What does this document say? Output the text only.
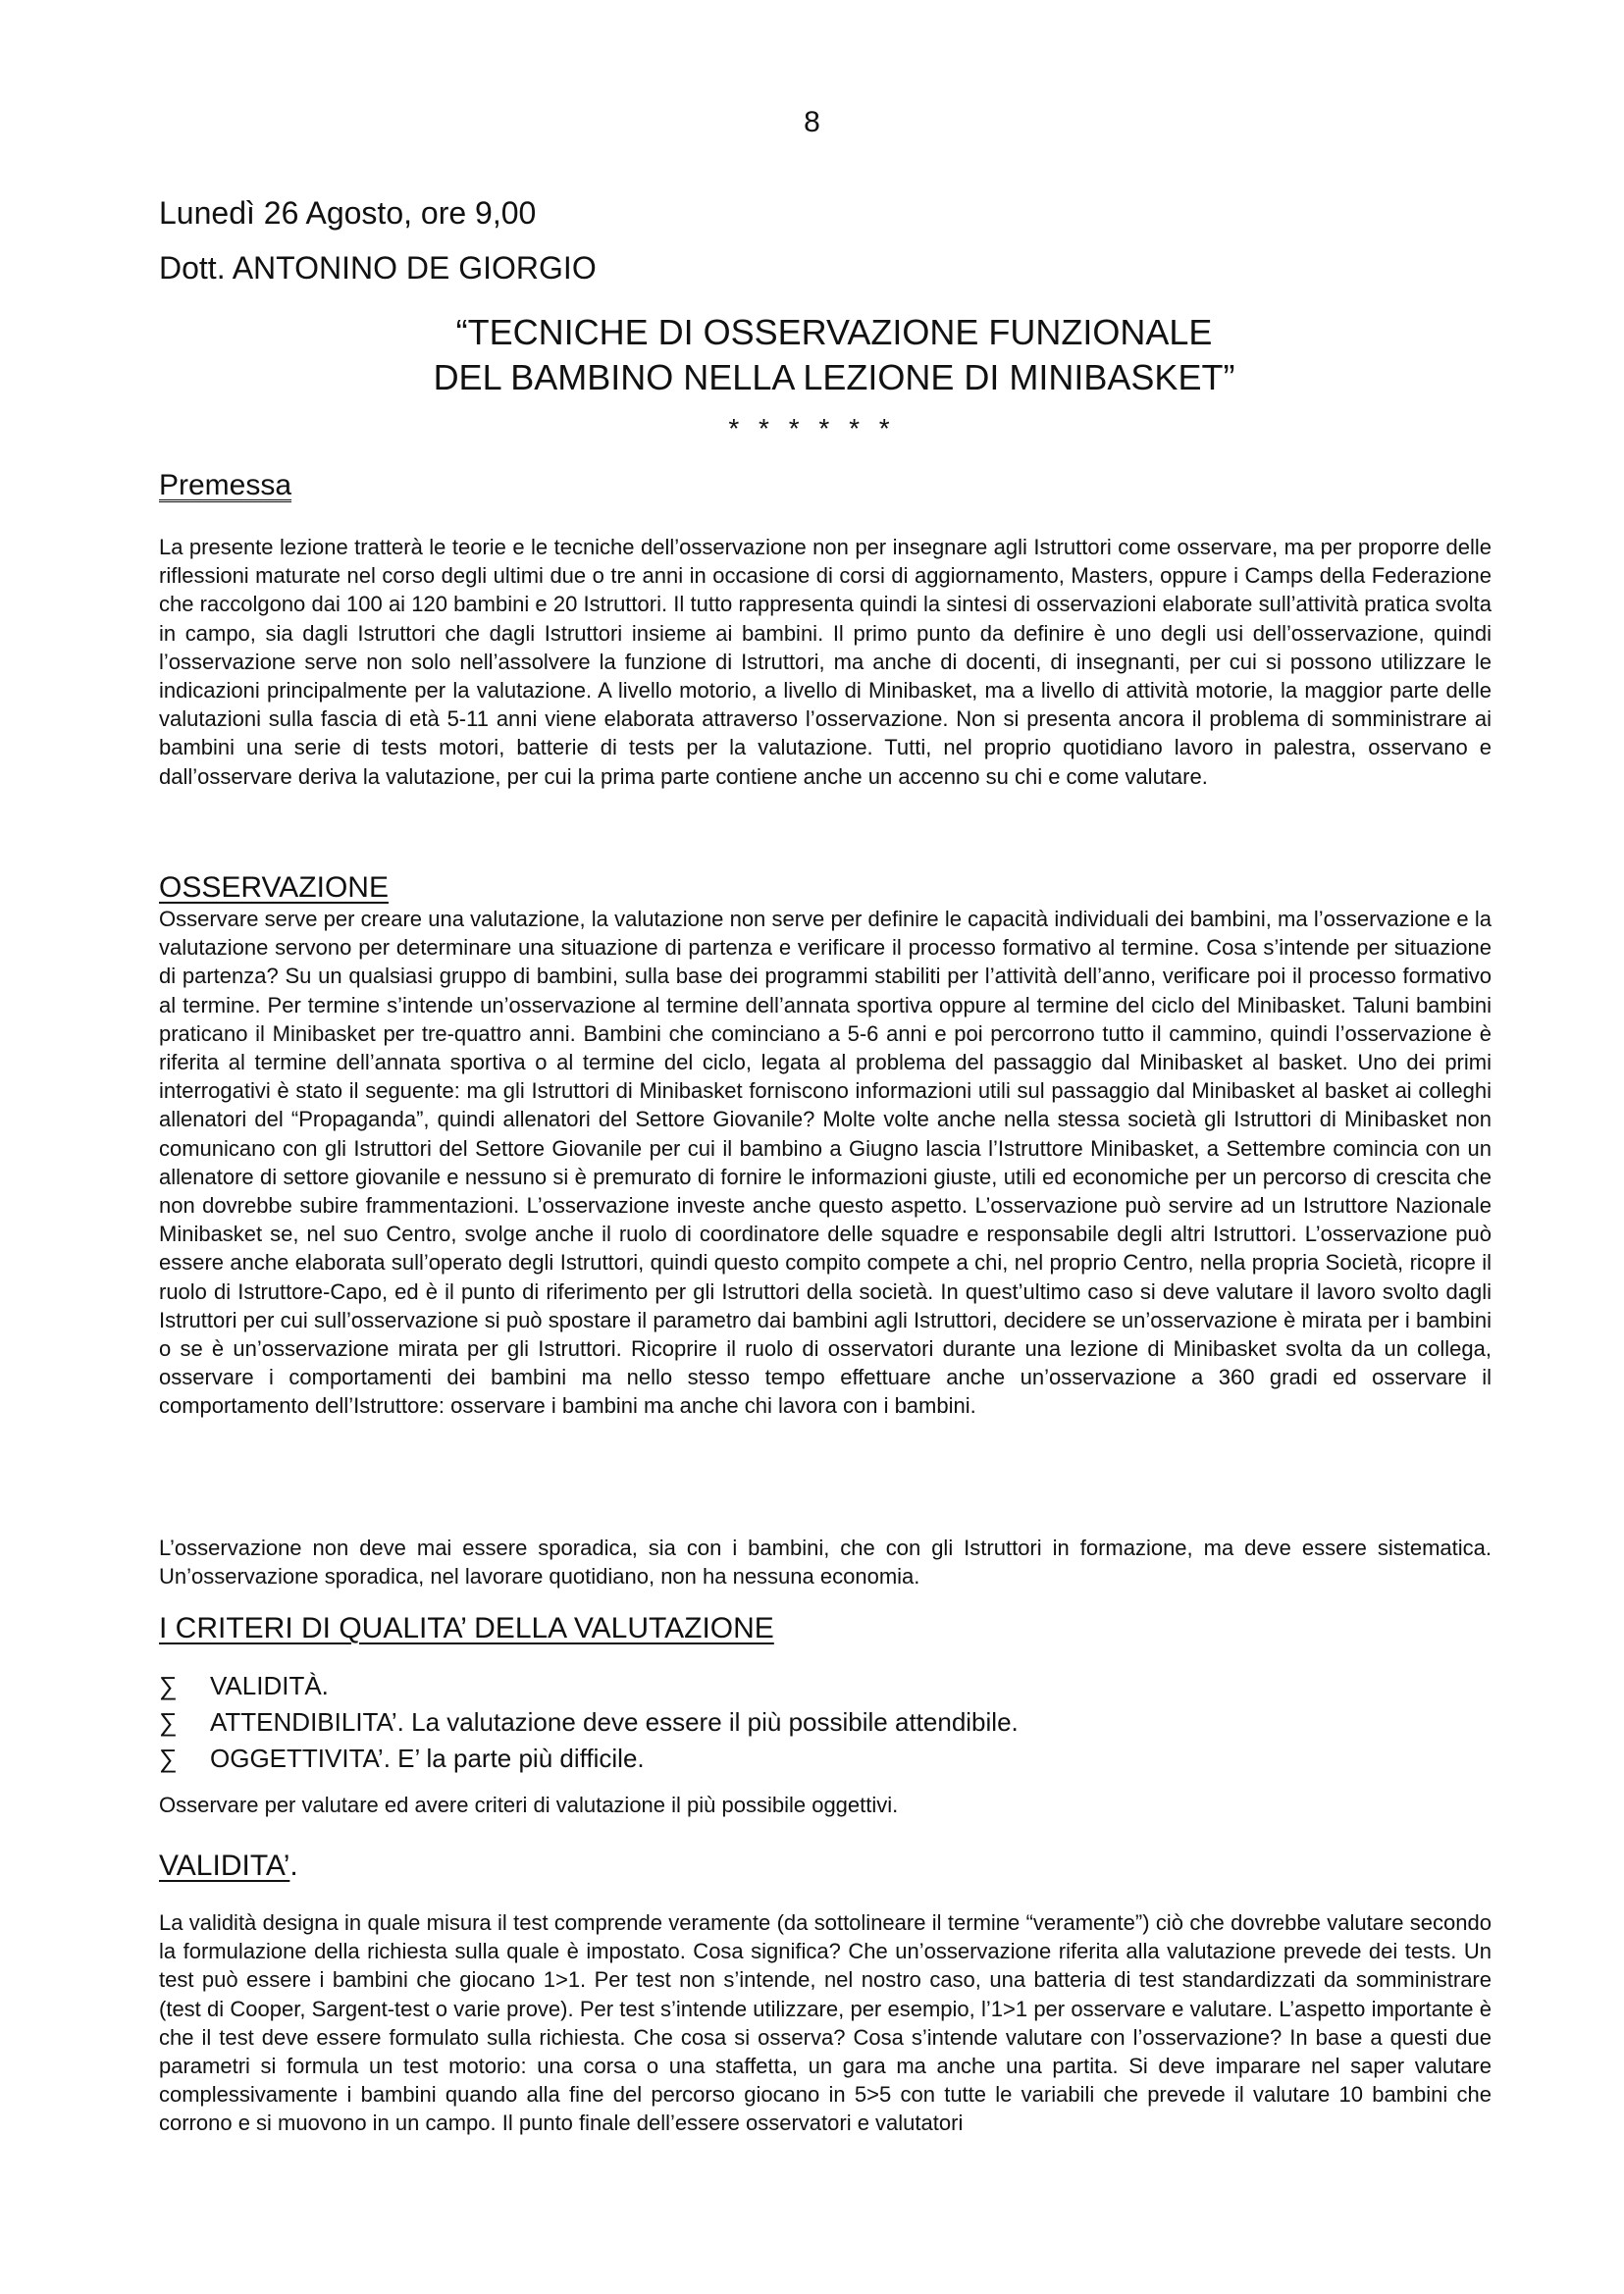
8
Lunedì 26 Agosto, ore 9,00
Dott. ANTONINO DE GIORGIO
“TECNICHE DI OSSERVAZIONE FUNZIONALE
DEL BAMBINO NELLA LEZIONE DI MINIBASKET”
* * * * * *
Premessa

La presente lezione tratterà le teorie e le tecniche dell’osservazione non per insegnare agli Istruttori come osservare, ma per proporre delle riflessioni maturate nel corso degli ultimi due o tre anni in occasione di corsi di aggiornamento, Masters, oppure i Camps della Federazione che raccolgono dai 100 ai 120 bambini e 20 Istruttori. Il tutto rappresenta quindi la sintesi di osservazioni elaborate sull’attività pratica svolta in campo, sia dagli Istruttori che dagli Istruttori insieme ai bambini. Il primo punto da definire è uno degli usi dell’osservazione, quindi l’osservazione serve non solo nell’assolvere la funzione di Istruttori, ma anche di docenti, di insegnanti, per cui si possono utilizzare le indicazioni principalmente per la valutazione. A livello motorio, a livello di Minibasket, ma a livello di attività motorie, la maggior parte delle valutazioni sulla fascia di età 5-11 anni viene elaborata attraverso l’osservazione. Non si presenta ancora il problema di somministrare ai bambini una serie di tests motori, batterie di tests per la valutazione. Tutti, nel proprio quotidiano lavoro in palestra, osservano e dall’osservare deriva la valutazione, per cui la prima parte contiene anche un accenno su chi e come valutare.

OSSERVAZIONE

Osservare serve per creare una valutazione, la valutazione non serve per definire le capacità individuali dei bambini, ma l’osservazione e la valutazione servono per determinare una situazione di partenza e verificare il processo formativo al termine. Cosa s’intende per situazione di partenza? Su un qualsiasi gruppo di bambini, sulla base dei programmi stabiliti per l’attività dell’anno, verificare poi il processo formativo al termine. Per termine s’intende un’osservazione al termine dell’annata sportiva oppure al termine del ciclo del Minibasket. Taluni bambini praticano il Minibasket per tre-quattro anni. Bambini che cominciano a 5-6 anni e poi percorrono tutto il cammino, quindi l’osservazione è riferita al termine dell’annata sportiva o al termine del ciclo, legata al problema del passaggio dal Minibasket al basket. Uno dei primi interrogativi è stato il seguente: ma gli Istruttori di Minibasket forniscono informazioni utili sul passaggio dal Minibasket al basket ai colleghi allenatori del “Propaganda”, quindi allenatori del Settore Giovanile? Molte volte anche nella stessa società gli Istruttori di Minibasket non comunicano con gli Istruttori del Settore Giovanile per cui il bambino a Giugno lascia l’Istruttore Minibasket, a Settembre comincia con un allenatore di settore giovanile e nessuno si è premurato di fornire le informazioni giuste, utili ed economiche per un percorso di crescita che non dovrebbe subire frammentazioni. L’osservazione investe anche questo aspetto. L’osservazione può servire ad un Istruttore Nazionale Minibasket se, nel suo Centro, svolge anche il ruolo di coordinatore delle squadre e responsabile degli altri Istruttori. L’osservazione può essere anche elaborata sull’operato degli Istruttori, quindi questo compito compete a chi, nel proprio Centro, nella propria Società, ricopre il ruolo di Istruttore-Capo, ed è il punto di riferimento per gli Istruttori della società. In quest’ultimo caso si deve valutare il lavoro svolto dagli Istruttori per cui sull’osservazione si può spostare il parametro dai bambini agli Istruttori, decidere se un’osservazione è mirata per i bambini o se è un’osservazione mirata per gli Istruttori. Ricoprire il ruolo di osservatori durante una lezione di Minibasket svolta da un collega, osservare i comportamenti dei bambini ma nello stesso tempo effettuare anche un’osservazione a 360 gradi ed osservare il comportamento dell’Istruttore: osservare i bambini ma anche chi lavora con i bambini.

L’osservazione non deve mai essere sporadica, sia con i bambini, che con gli Istruttori in formazione, ma deve essere sistematica. Un’osservazione sporadica, nel lavorare quotidiano, non ha nessuna economia.

I CRITERI DI QUALITA’ DELLA VALUTAZIONE
∑	VALIDITÀ.
∑	ATTENDIBILITA’. La valutazione deve essere il più possibile attendibile.
∑	OGGETTIVITA’. E’ la parte più difficile.
Osservare per valutare ed avere criteri di valutazione il più possibile oggettivi.
VALIDITA’.

La validità designa in quale misura il test comprende veramente (da sottolineare il termine “veramente”) ciò che dovrebbe valutare secondo la formulazione della richiesta sulla quale è impostato. Cosa significa? Che un’osservazione riferita alla valutazione prevede dei tests. Un test può essere i bambini che giocano 1>1. Per test non s’intende, nel nostro caso, una batteria di test standardizzati da somministrare (test di Cooper, Sargent-test o varie prove). Per test s’intende utilizzare, per esempio, l’1>1 per osservare e valutare. L’aspetto importante è che il test deve essere formulato sulla richiesta. Che cosa si osserva? Cosa s’intende valutare con l’osservazione? In base a questi due parametri si formula un test motorio: una corsa o una staffetta, un gara ma anche una partita. Si deve imparare nel saper valutare complessivamente i bambini quando alla fine del percorso giocano in 5>5 con tutte le variabili che prevede il valutare 10 bambini che corrono e si muovono in un campo. Il punto finale dell’essere osservatori e valutatori
